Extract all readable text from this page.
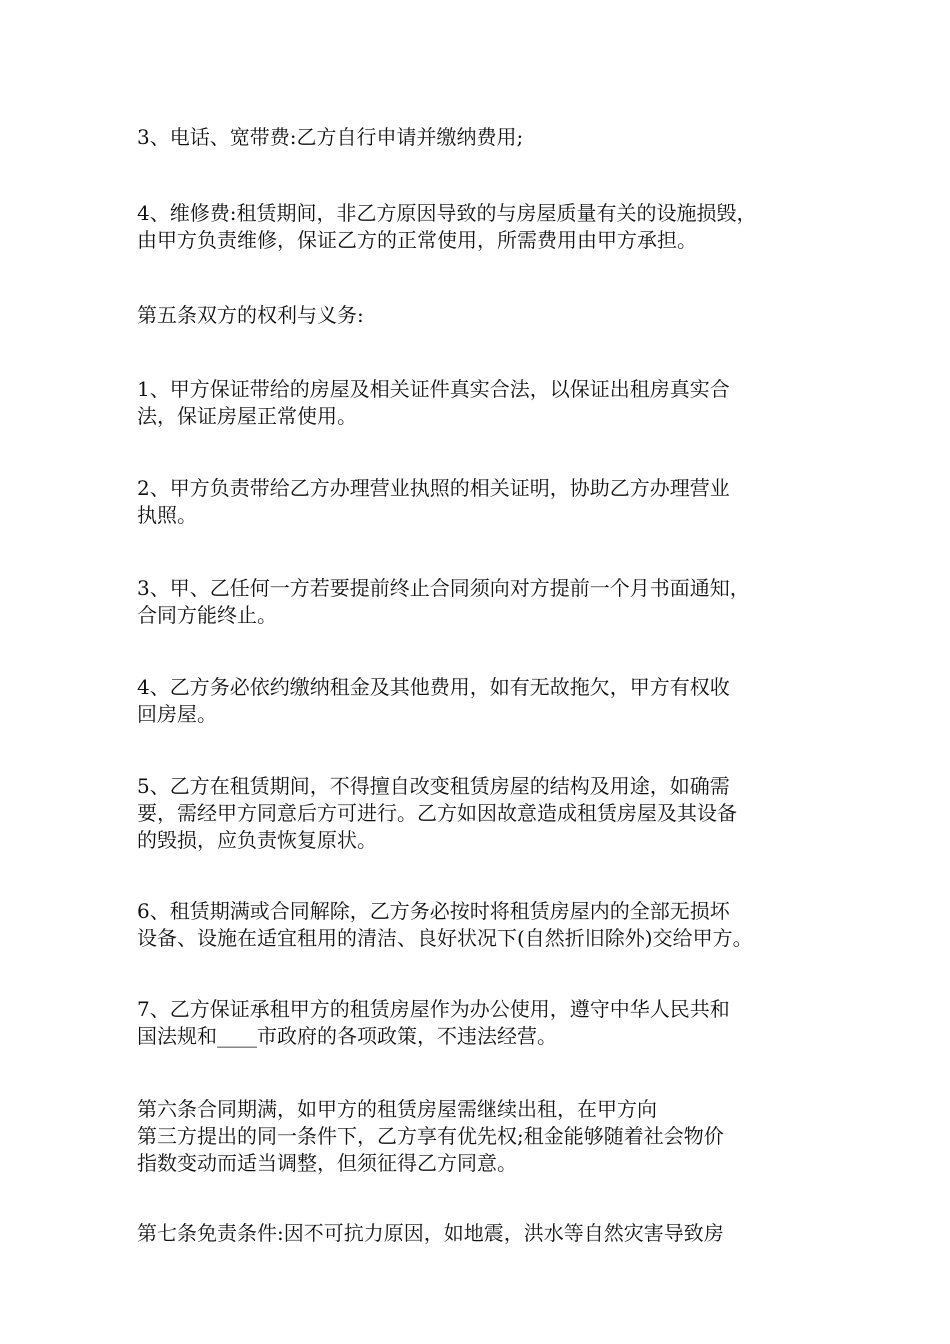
3、电话、宽带费:乙方自行申请并缴纳费用;
4、维修费:租赁期间，非乙方原因导致的与房屋质量有关的设施损毁，
由甲方负责维修，保证乙方的正常使用，所需费用由甲方承担。
第五条双方的权利与义务:
1、甲方保证带给的房屋及相关证件真实合法，以保证出租房真实合
法，保证房屋正常使用。
2、甲方负责带给乙方办理营业执照的相关证明，协助乙方办理营业
执照。
3、甲、乙任何一方若要提前终止合同须向对方提前一个月书面通知，
合同方能终止。
4、乙方务必依约缴纳租金及其他费用，如有无故拖欠，甲方有权收
回房屋。
5、乙方在租赁期间，不得擅自改变租赁房屋的结构及用途，如确需
要，需经甲方同意后方可进行。乙方如因故意造成租赁房屋及其设备
的毁损，应负责恢复原状。
6、租赁期满或合同解除，乙方务必按时将租赁房屋内的全部无损坏
设备、设施在适宜租用的清洁、良好状况下(自然折旧除外)交给甲方。
7、乙方保证承租甲方的租赁房屋作为办公使用，遵守中华人民共和
国法规和____市政府的各项政策，不违法经营。
第六条合同期满，如甲方的租赁房屋需继续出租，在甲方向
第三方提出的同一条件下，乙方享有优先权;租金能够随着社会物价
指数变动而适当调整，但须征得乙方同意。
第七条免责条件:因不可抗力原因，如地震，洪水等自然灾害导致房
